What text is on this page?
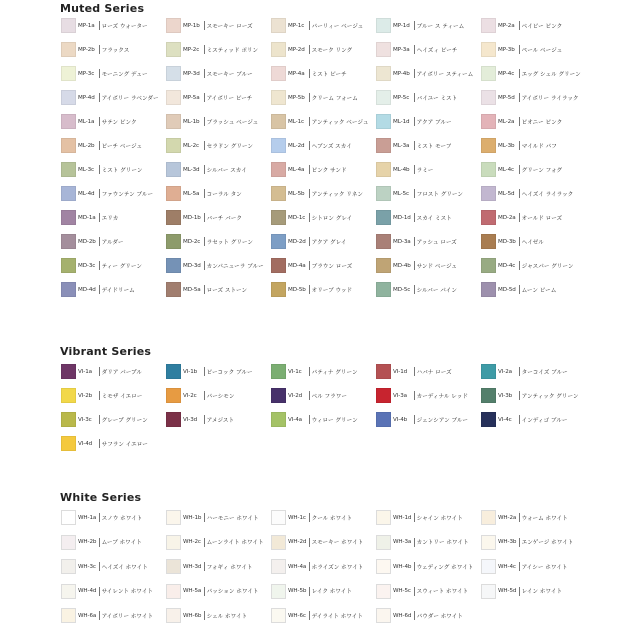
Muted Series
MP-1a	ローズ ウォーター	MP-1b	スモーキー ローズ	MP-1c	パーリィー ベージュ	MP-1d	ブルー ス ティーム	MP-2a	ベイビー ピンク
MP-2b	フラックス	MP-2c	ミスティッド ポリン	MP-2d	スモーク リング	MP-3a	ヘイズィ ピーチ	MP-3b	ペール ベージュ
MP-3c	モーニング デュー	MP-3d	スモーキー ブルー	MP-4a	ミスト ピーチ	MP-4b	アイボリー スティーム	MP-4c	エッグ シェル グリーン
MP-4d	アイボリー ラベンダー	MP-5a	アイボリー ピーチ	MP-5b	クリーム フォーム	MP-5c	バイユー ミスト	MP-5d	アイボリー ライラック
ML-1a	サテン ピンク	ML-1b	ブラッシュ ベージュ	ML-1c	アンティック ベージュ	ML-1d	アクア ブルー	ML-2a	ピオニー ピンク
ML-2b	ピーチ ベージュ	ML-2c	セラドン グリーン	ML-2d	ヘブンズ スカイ	ML-3a	ミスト モーブ	ML-3b	マイルド パフ
ML-3c	ミスト グリーン	ML-3d	シルバー スカイ	ML-4a	ピンク サンド	ML-4b	ラミー	ML-4c	グリーン フォグ
ML-4d	ファウンテン ブルー	ML-5a	コーラル タン	ML-5b	アンティック リネン	ML-5c	フロスト グリーン	ML-5d	ヘイズイ ライラック
MD-1a	エリカ	MD-1b	バーチ バーク	MD-1c	シトロン グレイ	MD-1d	スカイ ミスト	MD-2a	オールド ローズ
MD-2b	アルダー	MD-2c	ラセット グリーン	MD-2d	アクア グレイ	MD-3a	アッシュ ローズ	MD-3b	ヘイゼル
MD-3c	ティー グリーン	MD-3d	カンパニューラ ブルー	MD-4a	ブラウン ローズ	MD-4b	サンド ベージュ	MD-4c	ジャスパー グリーン
MD-4d	デイドリーム	MD-5a	ローズ ストーン	MD-5b	オリーブ ウッド	MD-5c	シルバー パイン	MD-5d	ムーン ビーム
Vibrant Series
VI-1a	ダリア パープル	VI-1b	ピーコック ブルー	VI-1c	パティナ グリーン	VI-1d	ハバナ ローズ	VI-2a	ターコイズ ブルー
VI-2b	ミモザ イエロー	VI-2c	パーシモン	VI-2d	ベル フラワー	VI-3a	カーディナル レッド	VI-3b	アンティック グリーン
VI-3c	グレープ グリーン	VI-3d	アメジスト	VI-4a	ウィロー グリーン	VI-4b	ジェンシアン ブルー	VI-4c	インディゴ ブルー
VI-4d	サフラン イエロー
White Series
WH-1a スノウ ホワイト	WH-1b ハーモニー ホワイト	WH-1c	クール ホワイト	WH-1d シャイン ホワイト	WH-2a ウォーム ホワイト
WH-2b ムーブ ホワイト	WH-2c	ムーンライト ホワイト	WH-2d スモーキー ホワイト	WH-3a カントリー ホワイト	WH-3b エンゲージ ホワイト
WH-3c	ヘイズイ ホワイト	WH-3d フォギィ ホワイト	WH-4a ホライズン ホワイト	WH-4b ウェディング ホワイト	WH-4c	アイシー ホワイト
WH-4d サイレント ホワイト	WH-5a パッション ホワイト	WH-5b レイク ホワイト	WH-5c	スウィート ホワイト	WH-5d レイン ホワイト
WH-6a アイボリー ホワイト	WH-6b シェル ホワイト	WH-6c	デイライト ホワイト	WH-6d パウダー ホワイト
